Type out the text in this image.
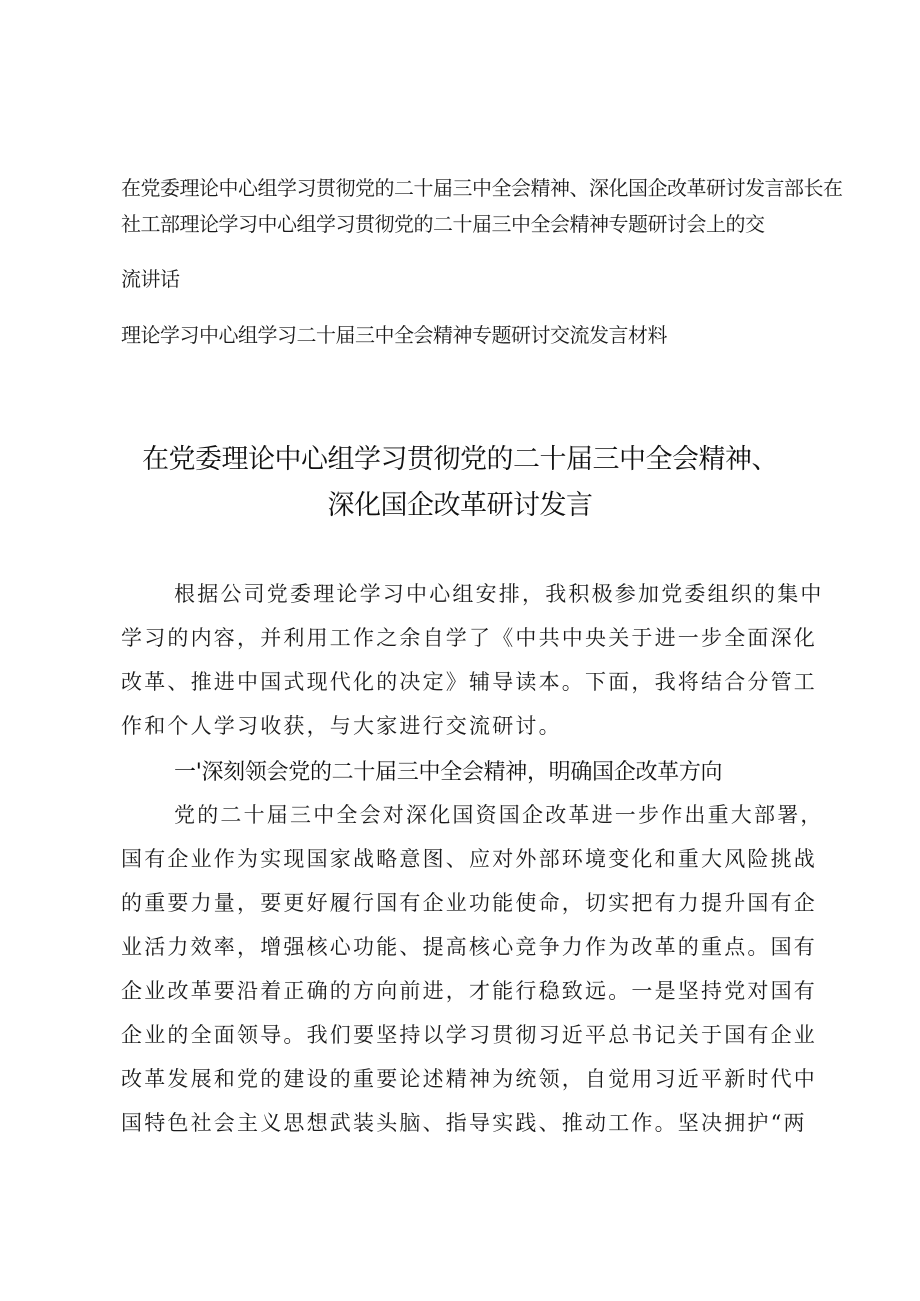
在党委理论中心组学习贯彻党的二十届三中全会精神、深化国企改革研讨发言部长在
社工部理论学习中心组学习贯彻党的二十届三中全会精神专题研讨会上的交
流讲话
理论学习中心组学习二十届三中全会精神专题研讨交流发言材料
在党委理论中心组学习贯彻党的二十届三中全会精神、
深化国企改革研讨发言
根据公司党委理论学习中心组安排，我积极参加党委组织的集中
学习的内容，并利用工作之余自学了《中共中央关于进一步全面深化
改革、推进中国式现代化的决定》辅导读本。下面，我将结合分管工
作和个人学习收获，与大家进行交流研讨。
一'深刻领会党的二十届三中全会精神，明确国企改革方向
党的二十届三中全会对深化国资国企改革进一步作出重大部署，
国有企业作为实现国家战略意图、应对外部环境变化和重大风险挑战
的重要力量，要更好履行国有企业功能使命，切实把有力提升国有企
业活力效率，增强核心功能、提高核心竞争力作为改革的重点。国有
企业改革要沿着正确的方向前进，才能行稳致远。一是坚持党对国有
企业的全面领导。我们要坚持以学习贯彻习近平总书记关于国有企业
改革发展和党的建设的重要论述精神为统领，自觉用习近平新时代中
国特色社会主义思想武装头脑、指导实践、推动工作。坚决拥护“两
